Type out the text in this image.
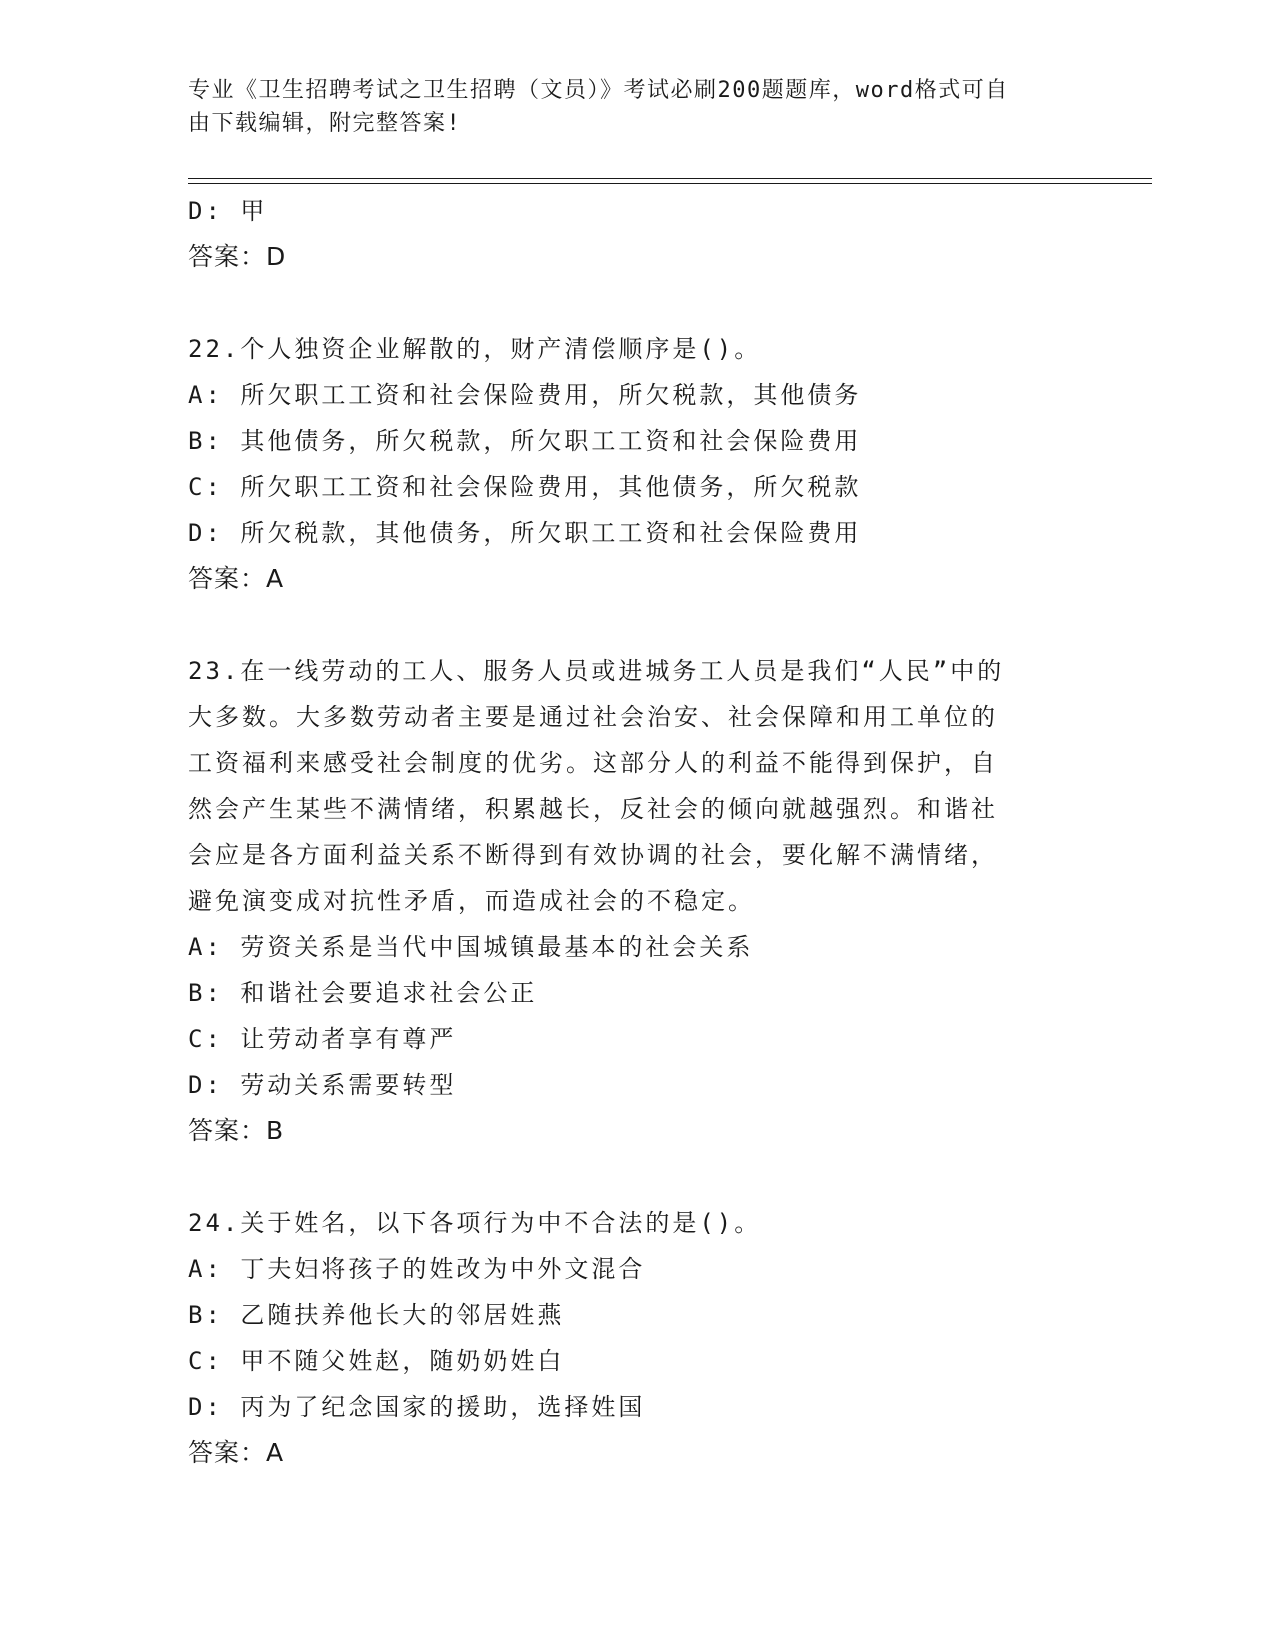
专业《卫生招聘考试之卫生招聘（文员）》考试必刷200题题库，word格式可自
由下载编辑，附完整答案!
D: 甲
答案：D
22.个人独资企业解散的，财产清偿顺序是()。
A: 所欠职工工资和社会保险费用，所欠税款，其他债务
B: 其他债务，所欠税款，所欠职工工资和社会保险费用
C: 所欠职工工资和社会保险费用，其他债务，所欠税款
D: 所欠税款，其他债务，所欠职工工资和社会保险费用
答案：A
23.在一线劳动的工人、服务人员或进城务工人员是我们“人民”中的
大多数。大多数劳动者主要是通过社会治安、社会保障和用工单位的
工资福利来感受社会制度的优劣。这部分人的利益不能得到保护，自
然会产生某些不满情绪，积累越长，反社会的倾向就越强烈。和谐社
会应是各方面利益关系不断得到有效协调的社会，要化解不满情绪，
避免演变成对抗性矛盾，而造成社会的不稳定。
A: 劳资关系是当代中国城镇最基本的社会关系
B: 和谐社会要追求社会公正
C: 让劳动者享有尊严
D: 劳动关系需要转型
答案：B
24.关于姓名，以下各项行为中不合法的是()。
A: 丁夫妇将孩子的姓改为中外文混合
B: 乙随扶养他长大的邻居姓燕
C: 甲不随父姓赵，随奶奶姓白
D: 丙为了纪念国家的援助，选择姓国
答案：A
